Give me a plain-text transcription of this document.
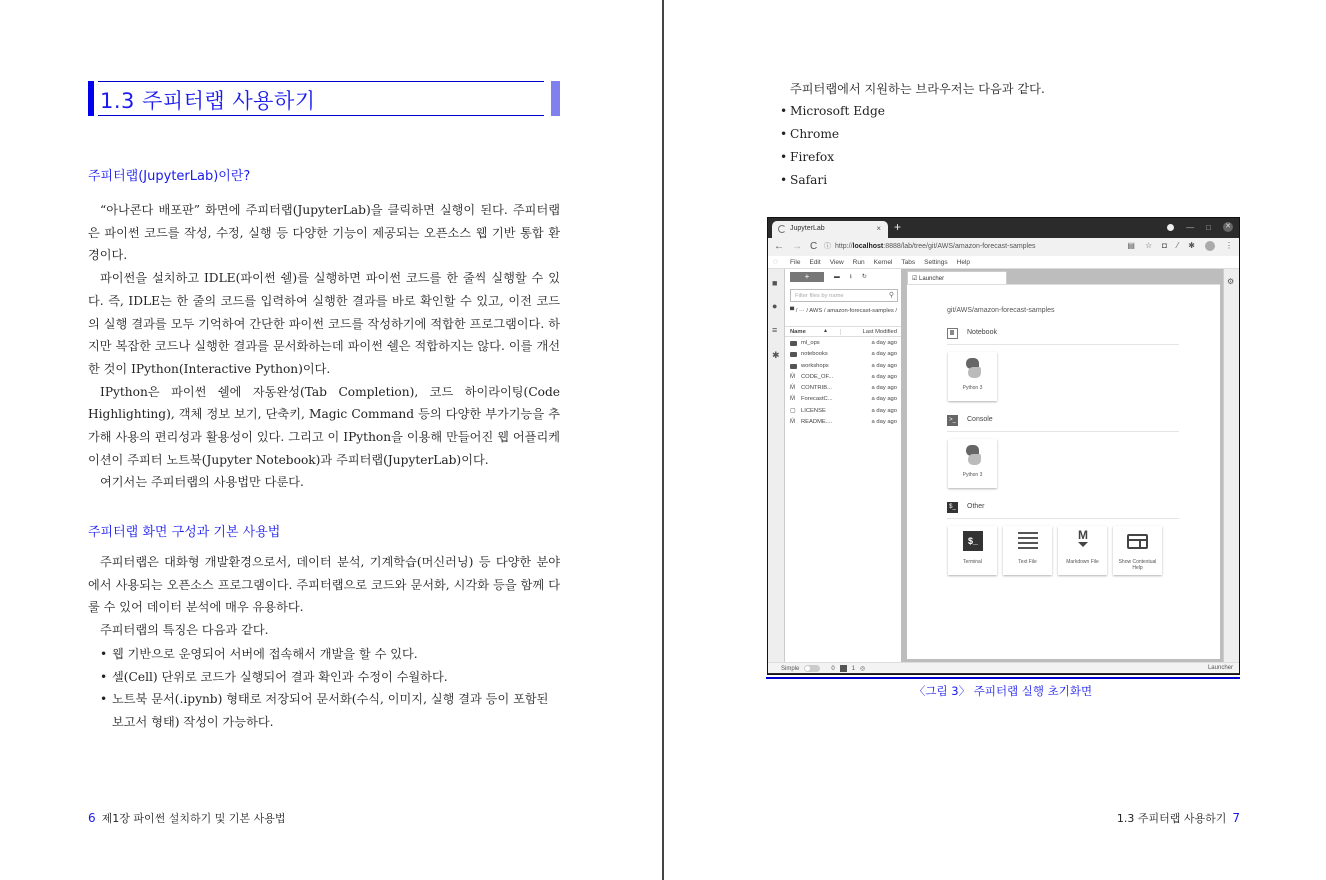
1.3 주피터랩 사용하기
주피터랩(JupyterLab)이란?

“아나콘다 배포판” 화면에 주피터랩(JupyterLab)을 클릭하면 실행이 된다. 주피터랩은 파이썬 코드를 작성, 수정, 실행 등 다양한 기능이 제공되는 오픈소스 웹 기반 통합 환경이다.

파이썬을 설치하고 IDLE(파이썬 쉘)를 실행하면 파이썬 코드를 한 줄씩 실행할 수 있다. 즉, IDLE는 한 줄의 코드를 입력하여 실행한 결과를 바로 확인할 수 있고, 이전 코드의 실행 결과를 모두 기억하여 간단한 파이썬 코드를 작성하기에 적합한 프로그램이다. 하지만 복잡한 코드나 실행한 결과를 문서화하는데 파이썬 쉘은 적합하지는 않다. 이를 개선한 것이 IPython(Interactive Python)이다.

IPython은 파이썬 쉘에 자동완성(Tab Completion), 코드 하이라이팅(Code Highlighting), 객체 정보 보기, 단축키, Magic Command 등의 다양한 부가기능을 추가해 사용의 편리성과 활용성이 있다. 그리고 이 IPython을 이용해 만들어진 웹 어플리케이션이 주피터 노트북(Jupyter Notebook)과 주피터랩(JupyterLab)이다.

여기서는 주피터랩의 사용법만 다룬다.

주피터랩 화면 구성과 기본 사용법

주피터랩은 대화형 개발환경으로서, 데이터 분석, 기계학습(머신러닝) 등 다양한 분야에서 사용되는 오픈소스 프로그램이다. 주피터랩으로 코드와 문서화, 시각화 등을 함께 다룰 수 있어 데이터 분석에 매우 유용하다.

주피터랩의 특징은 다음과 같다.

• 웹 기반으로 운영되어 서버에 접속해서 개발을 할 수 있다.
• 셀(Cell) 단위로 코드가 실행되어 결과 확인과 수정이 수월하다.
• 노트북 문서(.ipynb) 형태로 저장되어 문서화(수식, 이미지, 실행 결과 등이 포함된 보고서 형태) 작성이 가능하다.
6 제1장 파이썬 설치하기 및 기본 사용법
주피터랩에서 지원하는 브라우저는 다음과 같다.
• Microsoft Edge
• Chrome
• Firefox
• Safari
JupyterLab	× +	— □ ✕
← → C ⓘ http://localhost:8888/lab/tree/git/AWS/amazon-forecast-samples	▤ ☆ ◘ ⁄ ✱	⋮
◌ File Edit View Run Kernel Tabs Settings Help
■
●
≡
✱
+	▬ ⭳ ↻
Filter files by name	⚲
▀ / ··· / AWS / amazon-forecast-samples /
Name	▴	Last Modified
ml_ops	a day ago
notebooks	a day ago
workshops	a day ago
Ṁ	CODE_OF...	a day ago
Ṁ	CONTRIB...	a day ago
Ṁ	ForecastC...	a day ago
▢ LICENSE	a day ago
Ṁ	README....	a day ago
☑ Launcher
git/AWS/amazon-forecast-samples
Notebook
Python 3
>_ Console
Python 3
$_	Other
$_
Terminal	Text File
M
Markdown File	Show Contextual Help
⚙
Simple	0	1 ◎	Launcher
〈그림 3〉 주피터랩 실행 초기화면
1.3 주피터랩 사용하기 7
